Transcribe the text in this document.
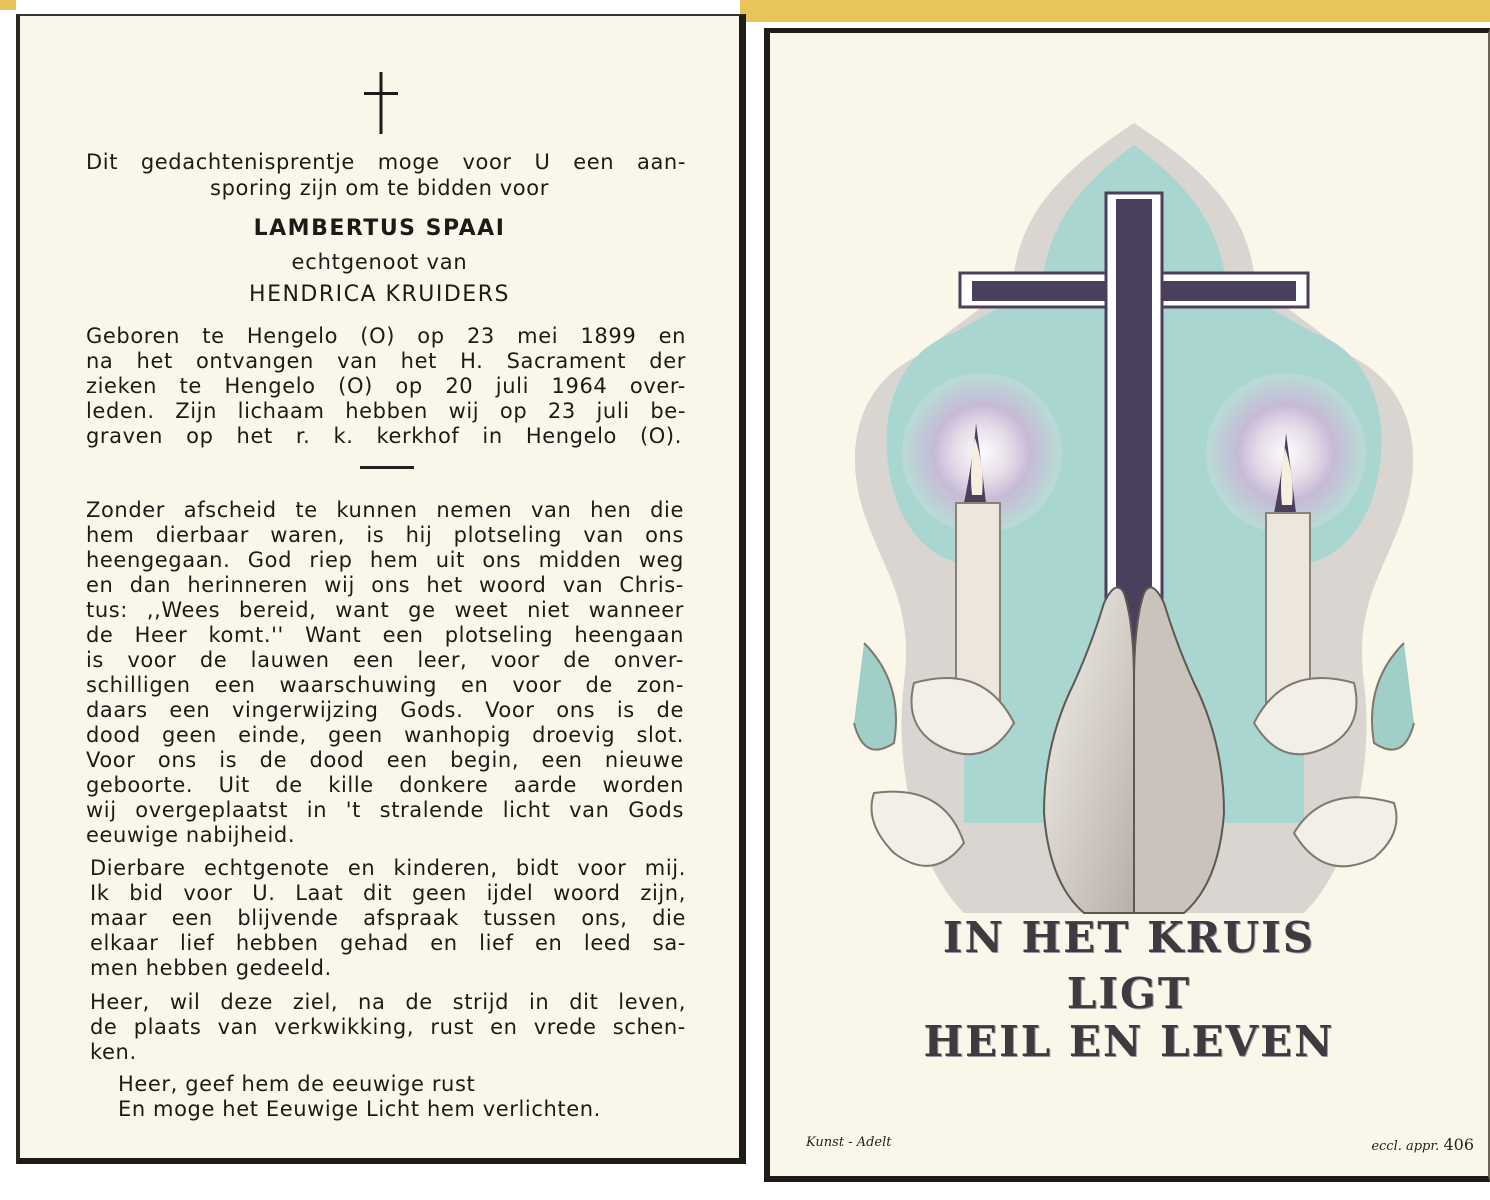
Dit gedachtenisprentje moge voor U een aan-
sporing zijn om te bidden voor
LAMBERTUS SPAAI
echtgenoot van
HENDRICA KRUIDERS
Geboren te Hengelo (O) op 23 mei 1899 en
na het ontvangen van het H. Sacrament der
zieken te Hengelo (O) op 20 juli 1964 over-
leden. Zijn lichaam hebben wij op 23 juli be-
graven op het r. k. kerkhof in Hengelo (O).
Zonder afscheid te kunnen nemen van hen die
hem dierbaar waren, is hij plotseling van ons
heengegaan. God riep hem uit ons midden weg
en dan herinneren wij ons het woord van Chris-
tus: ,,Wees bereid, want ge weet niet wanneer
de Heer komt.'' Want een plotseling heengaan
is voor de lauwen een leer, voor de onver-
schilligen een waarschuwing en voor de zon-
daars een vingerwijzing Gods. Voor ons is de
dood geen einde, geen wanhopig droevig slot.
Voor ons is de dood een begin, een nieuwe
geboorte. Uit de kille donkere aarde worden
wij overgeplaatst in 't stralende licht van Gods
eeuwige nabijheid.
Dierbare echtgenote en kinderen, bidt voor mij.
Ik bid voor U. Laat dit geen ijdel woord zijn,
maar een blijvende afspraak tussen ons, die
elkaar lief hebben gehad en lief en leed sa-
men hebben gedeeld.
Heer, wil deze ziel, na de strijd in dit leven,
de plaats van verkwikking, rust en vrede schen-
ken.
Heer, geef hem de eeuwige rust
En moge het Eeuwige Licht hem verlichten.
IN HET KRUIS
LIGT
HEIL EN LEVEN
Kunst - Adelt	eccl. appr. 406
